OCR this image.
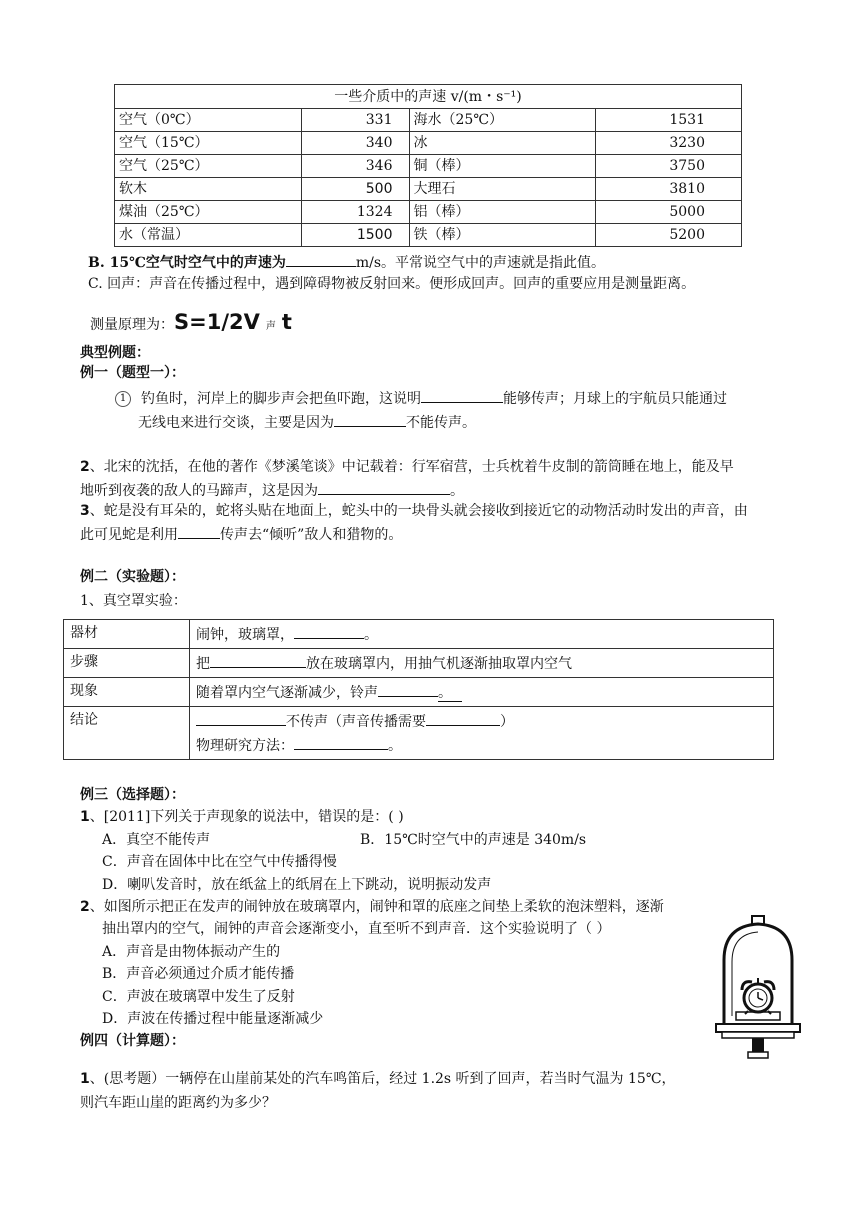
一些介质中的声速 v/(m・s⁻¹)			
空气（0℃）	331	海水（25℃）	1531
空气（15℃）	340	冰	3230
空气（25℃）	346	铜（棒）	3750
软木	500	大理石	3810
煤油（25℃）	1324	铝（棒）	5000
水（常温）	1500	铁（棒）	5200
B. 15℃空气时空气中的声速为	m/s。平常说空气中的声速就是指此值。
C. 回声：声音在传播过程中，遇到障碍物被反射回来。便形成回声。回声的重要应用是测量距离。
测量原理为：S=1/2V 声 t
典型例题：
例一（题型一）：
1 钓鱼时，河岸上的脚步声会把鱼吓跑，这说明	能够传声；月球上的宇航员只能通过
无线电来进行交谈，主要是因为	不能传声。
2、北宋的沈括，在他的著作《梦溪笔谈》中记载着：行军宿营，士兵枕着牛皮制的箭筒睡在地上，能及早
地听到夜袭的敌人的马蹄声，这是因为	。
3、蛇是没有耳朵的，蛇将头贴在地面上，蛇头中的一块骨头就会接收到接近它的动物活动时发出的声音，由
此可见蛇是利用	传声去“倾听”敌人和猎物的。
例二（实验题）：
1、真空罩实验：
器材	闹钟，玻璃罩， 。
步骤	把 放在玻璃罩内，用抽气机逐渐抽取罩内空气
现象	随着罩内空气逐渐减少，铃声 。
结论	不传声（声音传播需要 ）
物理研究方法： 。
例三（选择题）：
1、[2011]下列关于声现象的说法中，错误的是：( )
A．真空不能传声	B．15℃时空气中的声速是 340m/s
C．声音在固体中比在空气中传播得慢
D．喇叭发音时，放在纸盆上的纸屑在上下跳动，说明振动发声
2、如图所示把正在发声的闹钟放在玻璃罩内，闹钟和罩的底座之间垫上柔软的泡沫塑料，逐渐
抽出罩内的空气，闹钟的声音会逐渐变小，直至听不到声音．这个实验说明了（ ）
A．声音是由物体振动产生的
B．声音必须通过介质才能传播
C．声波在玻璃罩中发生了反射
D．声波在传播过程中能量逐渐减少
例四（计算题）：
1、(思考题）一辆停在山崖前某处的汽车鸣笛后，经过 1.2s 听到了回声，若当时气温为 15℃，
则汽车距山崖的距离约为多少？
